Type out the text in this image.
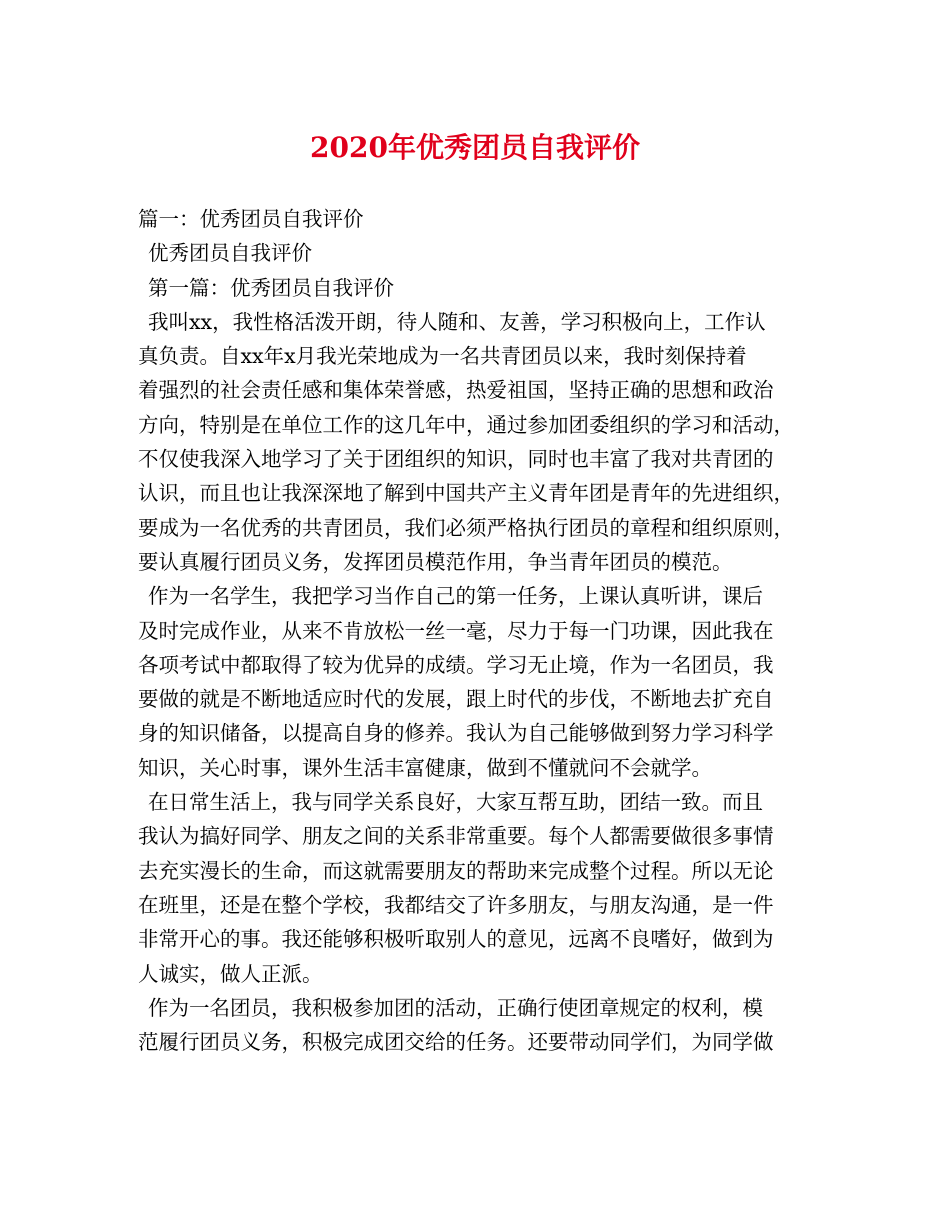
2020年优秀团员自我评价
篇一：优秀团员自我评价
优秀团员自我评价
第一篇：优秀团员自我评价
我叫xx，我性格活泼开朗，待人随和、友善，学习积极向上，工作认
真负责。自xx年x月我光荣地成为一名共青团员以来，我时刻保持着
着强烈的社会责任感和集体荣誉感，热爱祖国，坚持正确的思想和政治
方向，特别是在单位工作的这几年中，通过参加团委组织的学习和活动，
不仅使我深入地学习了关于团组织的知识，同时也丰富了我对共青团的
认识，而且也让我深深地了解到中国共产主义青年团是青年的先进组织，
要成为一名优秀的共青团员，我们必须严格执行团员的章程和组织原则，
要认真履行团员义务，发挥团员模范作用，争当青年团员的模范。
作为一名学生，我把学习当作自己的第一任务，上课认真听讲，课后
及时完成作业，从来不肯放松一丝一毫，尽力于每一门功课，因此我在
各项考试中都取得了较为优异的成绩。学习无止境，作为一名团员，我
要做的就是不断地适应时代的发展，跟上时代的步伐，不断地去扩充自
身的知识储备，以提高自身的修养。我认为自己能够做到努力学习科学
知识，关心时事，课外生活丰富健康，做到不懂就问不会就学。
在日常生活上，我与同学关系良好，大家互帮互助，团结一致。而且
我认为搞好同学、朋友之间的关系非常重要。每个人都需要做很多事情
去充实漫长的生命，而这就需要朋友的帮助来完成整个过程。所以无论
在班里，还是在整个学校，我都结交了许多朋友，与朋友沟通，是一件
非常开心的事。我还能够积极听取别人的意见，远离不良嗜好，做到为
人诚实，做人正派。
作为一名团员，我积极参加团的活动，正确行使团章规定的权利，模
范履行团员义务，积极完成团交给的任务。还要带动同学们，为同学做
